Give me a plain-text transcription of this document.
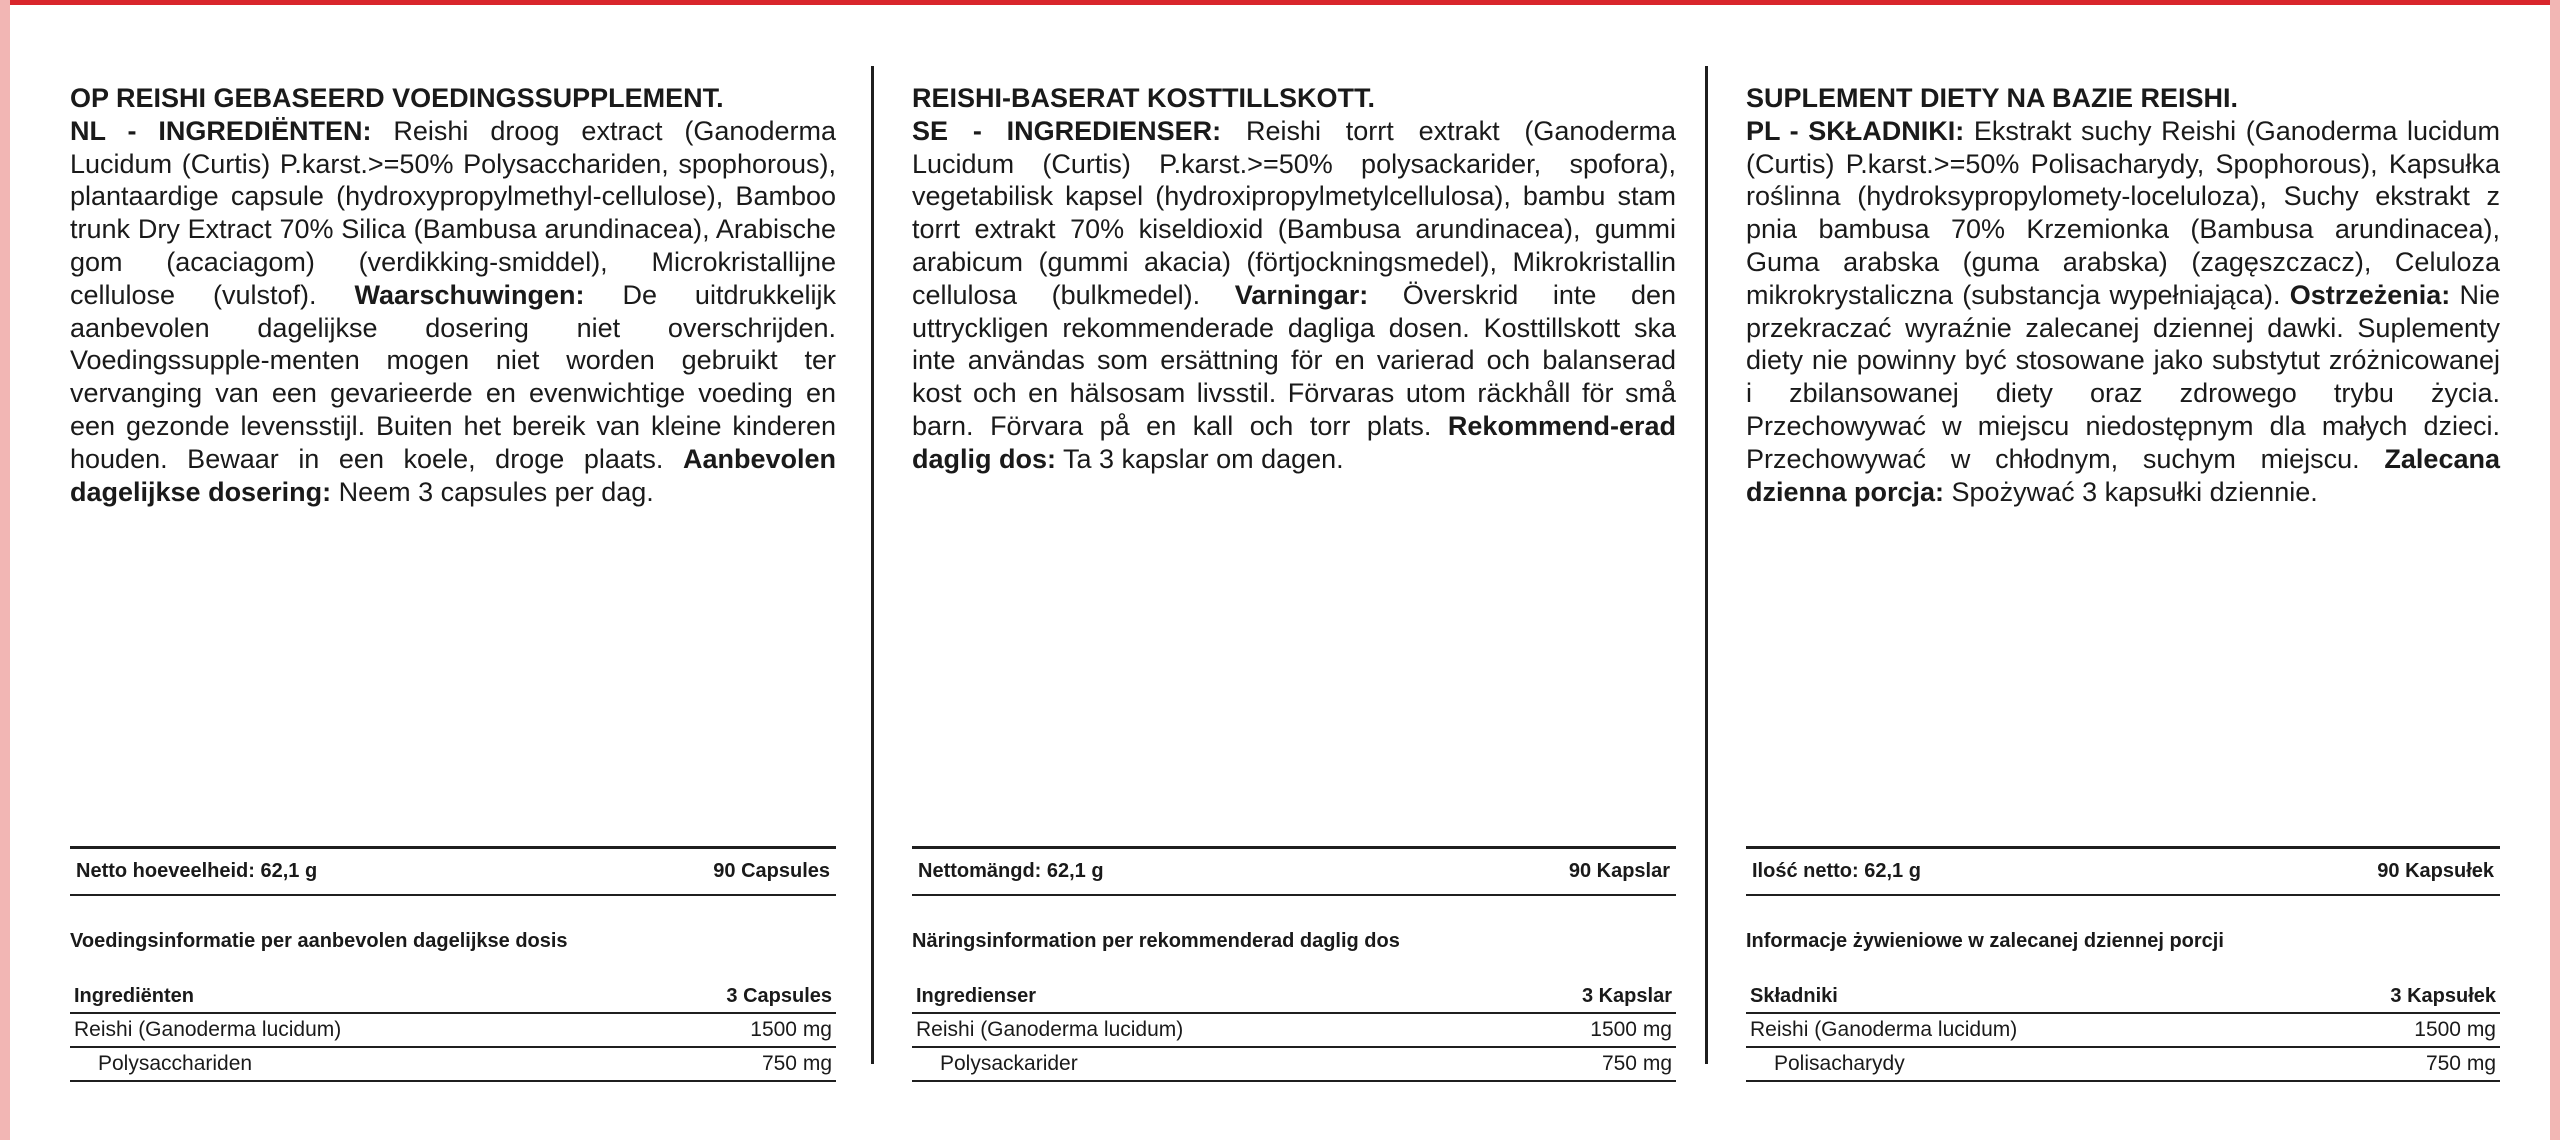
OP REISHI GEBASEERD VOEDINGSSUPPLEMENT.
NL - INGREDIËNTEN: Reishi droog extract (Ganoderma Lucidum (Curtis) P.karst.>=50% Polysacchariden, spophorous), plantaardige capsule (hydroxypropylmethyl-cellulose), Bamboo trunk Dry Extract 70% Silica (Bambusa arundinacea), Arabische gom (acaciagom) (verdikking-smiddel), Microkristallijne cellulose (vulstof). Waarschuwingen: De uitdrukkelijk aanbevolen dagelijkse dosering niet overschrijden. Voedingssupple-menten mogen niet worden gebruikt ter vervanging van een gevarieerde en evenwichtige voeding en een gezonde levensstijl. Buiten het bereik van kleine kinderen houden. Bewaar in een koele, droge plaats. Aanbevolen dagelijkse dosering: Neem 3 capsules per dag.
Netto hoeveelheid: 62,1 g	90 Capsules
Voedingsinformatie per aanbevolen dagelijkse dosis
Ingrediënten	3 Capsules
Reishi (Ganoderma lucidum)	1500 mg
Polysacchariden	750 mg
REISHI-BASERAT KOSTTILLSKOTT.
SE - INGREDIENSER: Reishi torrt extrakt (Ganoderma Lucidum (Curtis) P.karst.>=50% polysackarider, spofora), vegetabilisk kapsel (hydroxipropylmetylcellulosa), bambu stam torrt extrakt 70% kiseldioxid (Bambusa arundinacea), gummi arabicum (gummi akacia) (förtjockningsmedel), Mikrokristallin cellulosa (bulkmedel). Varningar: Överskrid inte den uttryckligen rekommenderade dagliga dosen. Kosttillskott ska inte användas som ersättning för en varierad och balanserad kost och en hälsosam livsstil. Förvaras utom räckhåll för små barn. Förvara på en kall och torr plats. Rekommend-erad daglig dos: Ta 3 kapslar om dagen.
Nettomängd: 62,1 g	90 Kapslar
Näringsinformation per rekommenderad daglig dos
Ingredienser	3 Kapslar
Reishi (Ganoderma lucidum)	1500 mg
Polysackarider	750 mg
SUPLEMENT DIETY NA BAZIE REISHI.
PL - SKŁADNIKI: Ekstrakt suchy Reishi (Ganoderma lucidum (Curtis) P.karst.>=50% Polisacharydy, Spophorous), Kapsułka roślinna (hydroksypropylomety-loceluloza), Suchy ekstrakt z pnia bambusa 70% Krzemionka (Bambusa arundinacea), Guma arabska (guma arabska) (zagęszczacz), Celuloza mikrokrystaliczna (substancja wypełniająca). Ostrzeżenia: Nie przekraczać wyraźnie zalecanej dziennej dawki. Suplementy diety nie powinny być stosowane jako substytut zróżnicowanej i zbilansowanej diety oraz zdrowego trybu życia. Przechowywać w miejscu niedostępnym dla małych dzieci. Przechowywać w chłodnym, suchym miejscu. Zalecana dzienna porcja: Spożywać 3 kapsułki dziennie.
Ilość netto: 62,1 g	90 Kapsułek
Informacje żywieniowe w zalecanej dziennej porcji
Składniki	3 Kapsułek
Reishi (Ganoderma lucidum)	1500 mg
Polisacharydy	750 mg
